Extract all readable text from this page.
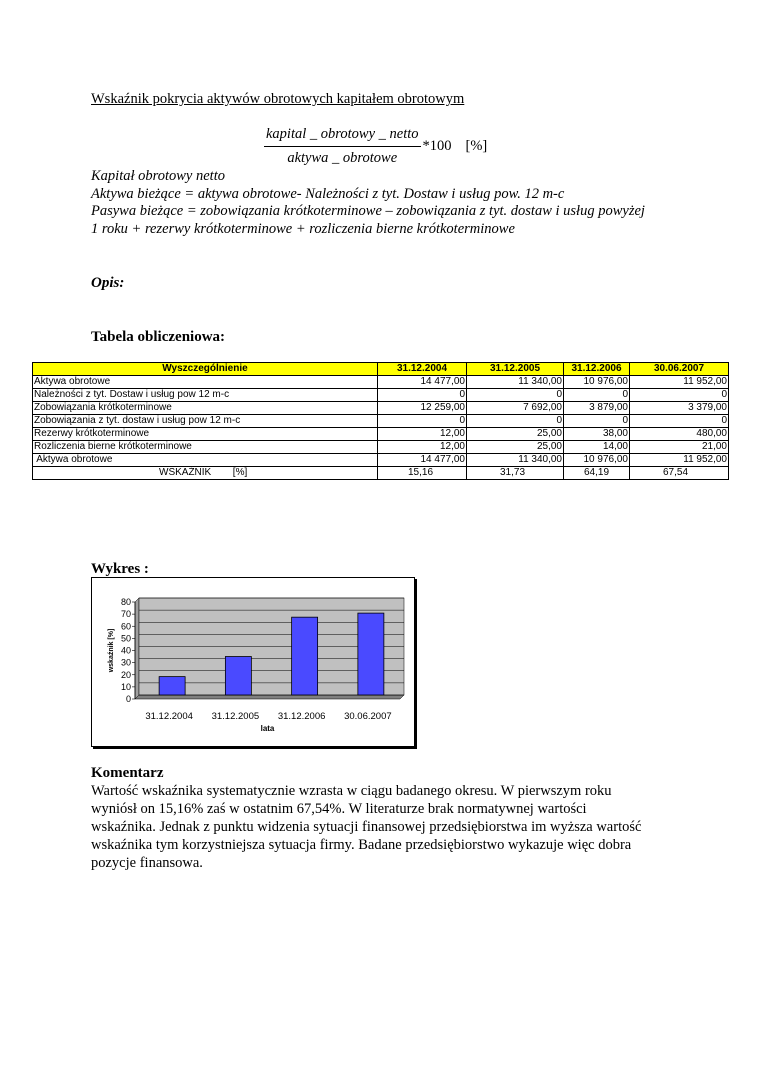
Wskaźnik pokrycia aktywów obrotowych kapitałem obrotowym
$\frac{\text{kapital \_ obrotowy \_ netto}}{\text{aktywa \_ obrotowe}} *100$ [%]
Kapitał obrotowy netto
Aktywa bieżące = aktywa obrotowe- Należności z tyt. Dostaw i usług pow. 12 m-c
Pasywa bieżące = zobowiązania krótkoterminowe – zobowiązania z tyt. dostaw i usług powyżej 1 roku + rezerwy krótkoterminowe + rozliczenia bierne krótkoterminowe
Opis:
Tabela obliczeniowa:
Wyszczególnienie	31.12.2004	31.12.2005	31.12.2006	30.06.2007
Aktywa obrotowe	14 477,00	11 340,00	10 976,00	11 952,00
Należności z tyt. Dostaw i usług pow 12 m-c	0	0	0	0
Zobowiązania krótkoterminowe	12 259,00	7 692,00	3 879,00	3 379,00
Zobowiązania z tyt. dostaw i usług pow 12 m-c	0	0	0	0
Rezerwy krótkoterminowe	12,00	25,00	38,00	480,00
Rozliczenia bierne krótkoterminowe	12,00	25,00	14,00	21,00
Aktywa obrotowe	14 477,00	11 340,00	10 976,00	11 952,00
WSKAŹNIK [%]	15,16	31,73	64,19	67,54
Wykres :
0
10
20
30
40
50
60
70
80
31.12.2004 31.12.2005 31.12.2006 30.06.2007
lata
wskaźnik [%]
Komentarz
Wartość wskaźnika systematycznie wzrasta w ciągu badanego okresu. W pierwszym roku wyniósł on 15,16% zaś w ostatnim 67,54%. W literaturze brak normatywnej wartości wskaźnika. Jednak z punktu widzenia sytuacji finansowej przedsiębiorstwa im wyższa wartość wskaźnika tym korzystniejsza sytuacja firmy. Badane przedsiębiorstwo wykazuje więc dobra pozycje finansowa.
